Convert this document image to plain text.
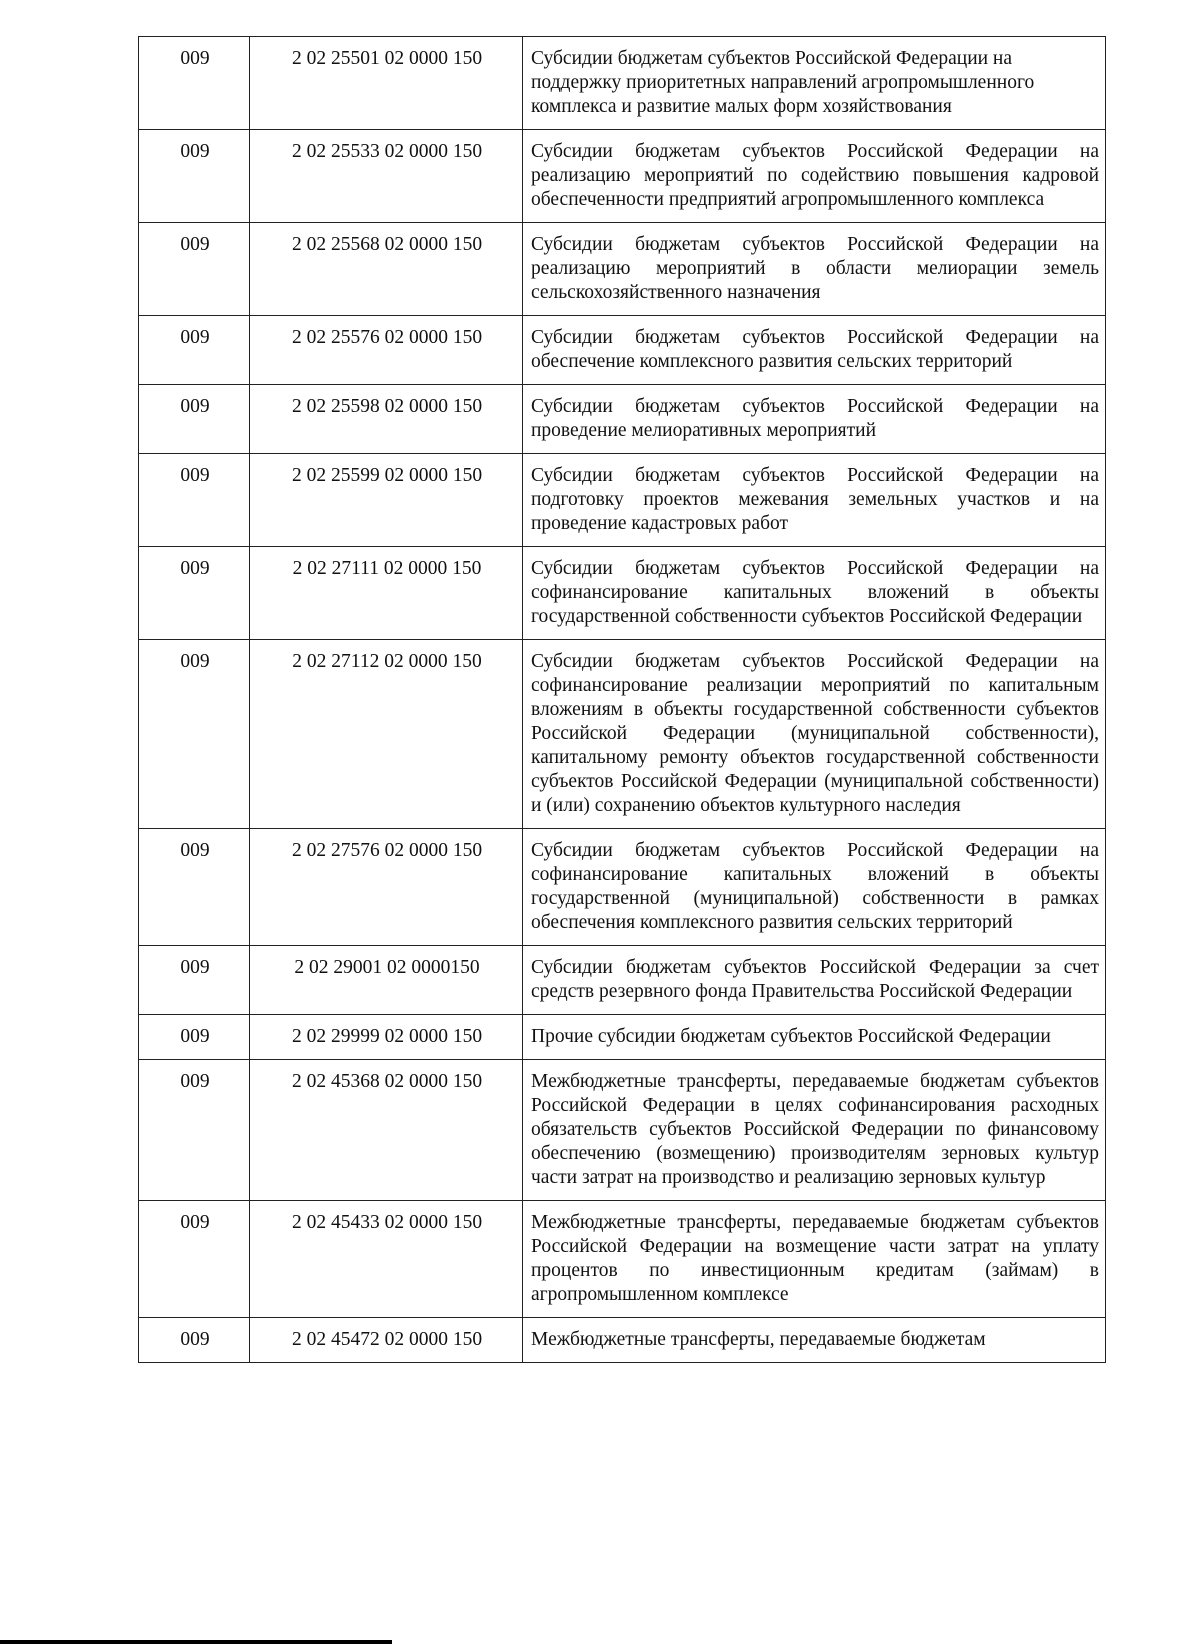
009	2 02 25501 02 0000 150	Субсидии бюджетам субъектов Российской Федерации на поддержку приоритетных направлений агропромышленного комплекса и развитие малых форм хозяйствования
009	2 02 25533 02 0000 150	Субсидии бюджетам субъектов Российской Федерации на реализацию мероприятий по содействию повышения кадровой обеспеченности предприятий агропромышленного комплекса
009	2 02 25568 02 0000 150	Субсидии бюджетам субъектов Российской Федерации на реализацию мероприятий в области мелиорации земель сельскохозяйственного назначения
009	2 02 25576 02 0000 150	Субсидии бюджетам субъектов Российской Федерации на обеспечение комплексного развития сельских территорий
009	2 02 25598 02 0000 150	Субсидии бюджетам субъектов Российской Федерации на проведение мелиоративных мероприятий
009	2 02 25599 02 0000 150	Субсидии бюджетам субъектов Российской Федерации на подготовку проектов межевания земельных участков и на проведение кадастровых работ
009	2 02 27111 02 0000 150	Субсидии бюджетам субъектов Российской Федерации на софинансирование капитальных вложений в объекты государственной собственности субъектов Российской Федерации
009	2 02 27112 02 0000 150	Субсидии бюджетам субъектов Российской Федерации на софинансирование реализации мероприятий по капитальным вложениям в объекты государственной собственности субъектов Российской Федерации (муниципальной собственности), капитальному ремонту объектов государственной собственности субъектов Российской Федерации (муниципальной собственности) и (или) сохранению объектов культурного наследия
009	2 02 27576 02 0000 150	Субсидии бюджетам субъектов Российской Федерации на софинансирование капитальных вложений в объекты государственной (муниципальной) собственности в рамках обеспечения комплексного развития сельских территорий
009	2 02 29001 02 0000150	Субсидии бюджетам субъектов Российской Федерации за счет средств резервного фонда Правительства Российской Федерации
009	2 02 29999 02 0000 150	Прочие субсидии бюджетам субъектов Российской Федерации
009	2 02 45368 02 0000 150	Межбюджетные трансферты, передаваемые бюджетам субъектов Российской Федерации в целях софинансирования расходных обязательств субъектов Российской Федерации по финансовому обеспечению (возмещению) производителям зерновых культур части затрат на производство и реализацию зерновых культур
009	2 02 45433 02 0000 150	Межбюджетные трансферты, передаваемые бюджетам субъектов Российской Федерации на возмещение части затрат на уплату процентов по инвестиционным кредитам (займам) в агропромышленном комплексе
009	2 02 45472 02 0000 150	Межбюджетные трансферты, передаваемые бюджетам
